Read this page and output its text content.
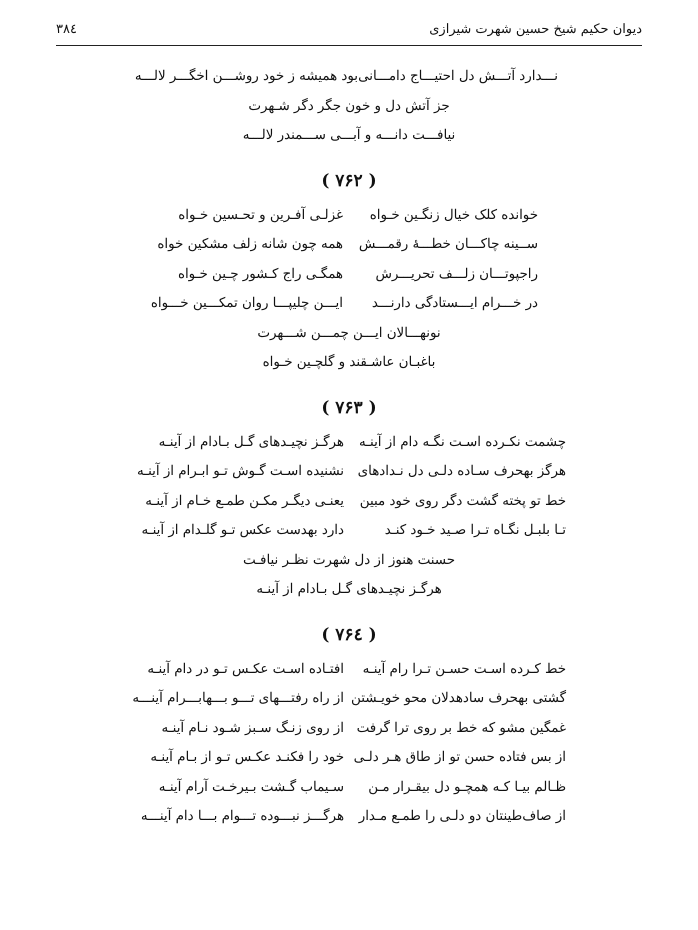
دیوان حکیم شیخ حسین شهرت شیرازی
۳۸٤
نـــدارد آتـــش دل احتیـــاج دامـــانی
بود همیشه ز خود روشـــن اخگـــر لالـــه
جز آتش دل و خون جگر دگر شـهرت
نیافـــت دانـــه و آبـــی ســـمندر لالـــه
( ۷۶۲ )
خوانده کلک خیال زنگـین خـواه
غزلـی آفـرین و تحـسین خـواه
ســینه چاکـــان خطـــهٔ رقمـــش
همه چون شانه زلف مشکین خواه
راجپوتـــان زلـــف تحریـــرش
همگـی راج کـشور چـین خـواه
در خـــرام ایـــستادگی دارنـــد
ایـــن چلیپـــا روان تمکـــین خـــواه
نونهـــالان ایـــن چمـــن شـــهرت
باغبـان عاشـقند و گلچـین خـواه
( ۷۶۳ )
چشمت نکـرده اسـت نگـه دام از آینـه
هرگـز نچیـدهای گـل بـادام از آینـه
هرگز بهحرف سـاده دلـی دل نـدادهای
نشنیده اسـت گـوش تـو ابـرام از آینـه
خط تو پخته گشت دگر روی خود مبین
یعنـی دیگـر مکـن طمـع خـام از آینـه
تـا بلبـل نگـاه تـرا صـید خـود کنـد
دارد بهدست عکس تـو گلـدام از آینـه
حسنت هنوز از دل شهرت نظـر نیافـت
هرگـز نچیـدهای گـل بـادام از آینـه
( ۷۶٤ )
خط کـرده اسـت حسـن تـرا رام آینـه
افتـاده اسـت عکـس تـو در دام آینـه
گشتی بهحرف سادهدلان محو خویـشتن
از راه رفتـــهای تـــو بـــهابـــرام آینـــه
غمگین مشو که خط بر روی ترا گرفت
از روی زنـگ سـبز شـود نـام آینـه
از بس فتاده حسن تو از طاق هـر دلـی
خود را فکنـد عکـس تـو از بـام آینـه
ظـالم بیـا کـه همچـو دل بیقـرار مـن
سـیماب گـشت بـیرخـت آرام آینـه
از صاف‌طینتان دو دلـی را طمـع مـدار
هرگـــز نبـــوده تـــوام بـــا دام آینـــه
